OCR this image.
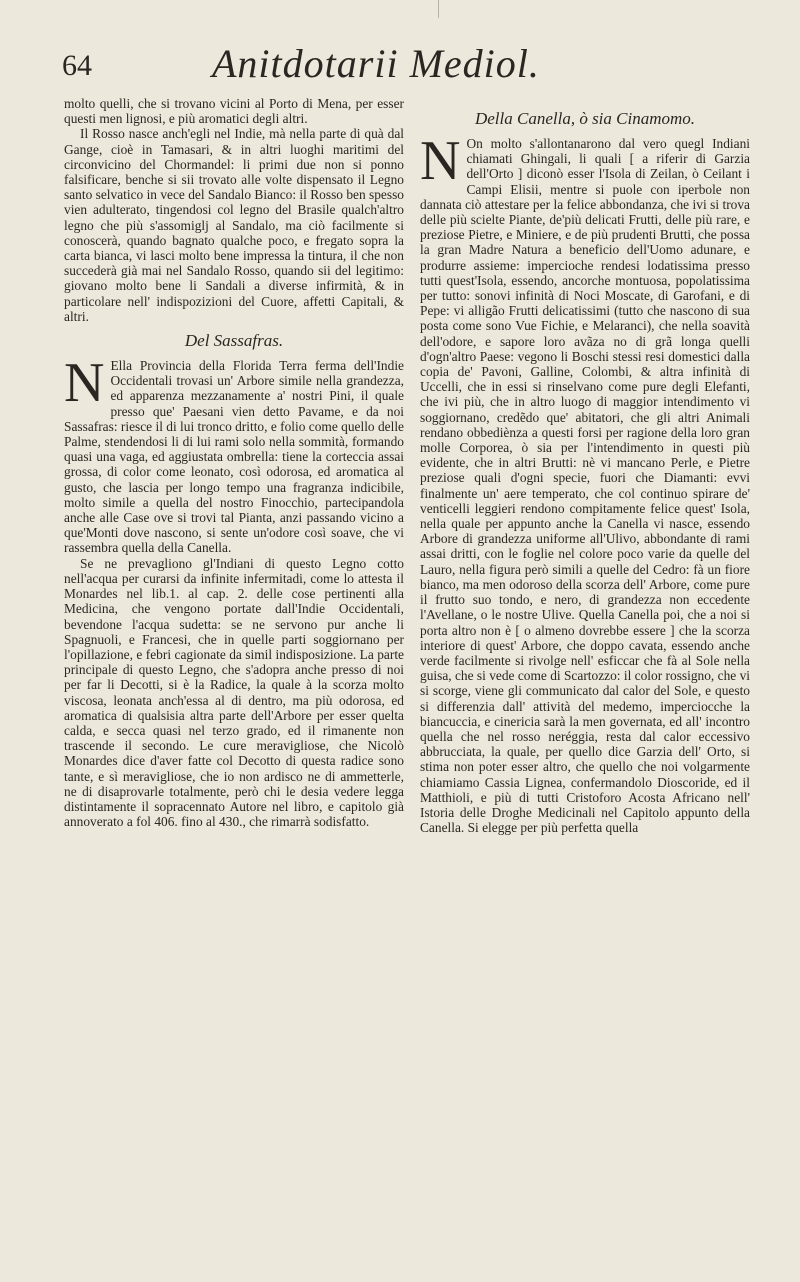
64	Anitdotarii Mediol.

molto quelli, che si trovano vicini al Porto di Mena, per esser questi men lignosi, e più aromatici degli altri.

Il Rosso nasce anch'egli nel Indie, mà nella parte di quà dal Gange, cioè in Tamasari, & in altri luoghi maritimi del circonvicino del Chormandel: li primi due non si ponno falsificare, benche si sii trovato alle volte dispensato il Legno santo selvatico in vece del Sandalo Bianco: il Rosso ben spesso vien adulterato, tingendosi col legno del Brasile qualch'altro legno che più s'assomiglj al Sandalo, ma ciò facilmente si conoscerà, quando bagnato qualche poco, e fregato sopra la carta bianca, vi lasci molto bene impressa la tintura, il che non succederà già mai nel Sandalo Rosso, quando sii del legitimo: giovano molto bene li Sandali a diverse infirmità, & in particolare nell' indispozizioni del Cuore, affetti Capitali, & altri.

Del Sassafras.

N Ella Provincia della Florida Terra ferma dell'Indie Occidentali trovasi un' Arbore simile nella grandezza, ed apparenza mezzanamente a' nostri Pini, il quale presso que' Paesani vien detto Pavame, e da noi Sassafras: riesce il di lui tronco dritto, e folio come quello delle Palme, stendendosi li di lui rami solo nella sommità, formando quasi una vaga, ed aggiustata ombrella: tiene la corteccia assai grossa, di color come leonato, così odorosa, ed aromatica al gusto, che lascia per longo tempo una fragranza indicibile, molto simile a quella del nostro Finocchio, partecipandola anche alle Case ove si trovi tal Pianta, anzi passando vicino a que'Monti dove nascono, si sente un'odore così soave, che vi rassembra quella della Canella.

Se ne prevagliono gl'Indiani di questo Legno cotto nell'acqua per curarsi da infinite infermitadi, come lo attesta il Monardes nel lib.1. al cap. 2. delle cose pertinenti alla Medicina, che vengono portate dall'Indie Occidentali, bevendone l'acqua sudetta: se ne servono pur anche li Spagnuoli, e Francesi, che in quelle parti soggiornano per l'opillazione, e febri cagionate da simil indisposizione. La parte principale di questo Legno, che s'adopra anche presso di noi per far li Decotti, si è la Radice, la quale à la scorza molto viscosa, leonata anch'essa al di dentro, ma più odorosa, ed aromatica di qualsisia altra parte dell'Arbore per esser quelta calda, e secca quasi nel terzo grado, ed il rimanente non trascende il secondo. Le cure meravigliose, che Nicolò Monardes dice d'aver fatte col Decotto di questa radice sono tante, e sì meravigliose, che io non ardisco ne di ammetterle, ne di disaprovarle totalmente, però chi le desia vedere legga distintamente il sopracennato Autore nel libro, e capitolo già annoverato a fol 406. fino al 430., che rimarrà sodisfatto.

Della Canella, ò sia Cinamomo.

N On molto s'allontanarono dal vero quegl Indiani chiamati Ghingali, li quali [ a riferir di Garzia dell'Orto ] diconò esser l'Isola di Zeilan, ò Ceilant i Campi Elisii, mentre si puole con iperbole non dannata ciò attestare per la felice abbondanza, che ivi si trova delle più scielte Piante, de'più delicati Frutti, delle più rare, e preziose Pietre, e Miniere, e de più prudenti Brutti, che possa la gran Madre Natura a beneficio dell'Uomo adunare, e produrre assieme: impercioche rendesi lodatissima presso tutti quest'Isola, essendo, ancorche montuosa, popolatissima per tutto: sonovi infinità di Noci Moscate, di Garofani, e di Pepe: vi alligão Frutti delicatissimi (tutto che nascono di sua posta come sono Vue Fichie, e Melaranci), che nella soavità dell'odore, e sapore loro avãza no di grã longa quelli d'ogn'altro Paese: vegono li Boschi stessi resi domestici dalla copia de' Pavoni, Galline, Colombi, & altra infinità di Uccelli, che in essi si rinselvano come pure degli Elefanti, che ivi più, che in altro luogo di maggior intendimento vi soggiornano, credẽdo que' abitatori, che gli altri Animali rendano obbediènza a questi forsi per ragione della loro gran molle Corporea, ò sia per l'intendimento in questi più evidente, che in altri Brutti: nè vi mancano Perle, e Pietre preziose quali d'ogni specie, fuori che Diamanti: evvi finalmente un' aere temperato, che col continuo spirare de' venticelli leggieri rendono compitamente felice quest' Isola, nella quale per appunto anche la Canella vi nasce, essendo Arbore di grandezza uniforme all'Ulivo, abbondante di rami assai dritti, con le foglie nel colore poco varie da quelle del Lauro, nella figura però simili a quelle del Cedro: fà un fiore bianco, ma men odoroso della scorza dell' Arbore, come pure il frutto suo tondo, e nero, di grandezza non eccedente l'Avellane, o le nostre Ulive. Quella Canella poi, che a noi si porta altro non è [ o almeno dovrebbe essere ] che la scorza interiore di quest' Arbore, che doppo cavata, essendo anche verde facilmente si rivolge nell' esficcar che fà al Sole nella guisa, che si vede come di Scartozzo: il color rossigno, che vi si scorge, viene gli communicato dal calor del Sole, e questo si differenzia dall' attività del medemo, imperciocche la biancuccia, e cinericia sarà la men governata, ed all' incontro quella che nel rosso neréggia, resta dal calor eccessivo abbrucciata, la quale, per quello dice Garzia dell' Orto, si stima non poter esser altro, che quello che noi volgarmente chiamiamo Cassia Lignea, confermandolo Dioscoride, ed il Matthioli, e più di tutti Cristoforo Acosta Africano nell' Istoria delle Droghe Medicinali nel Capitolo appunto della Canella. Si elegge per più perfetta quella
